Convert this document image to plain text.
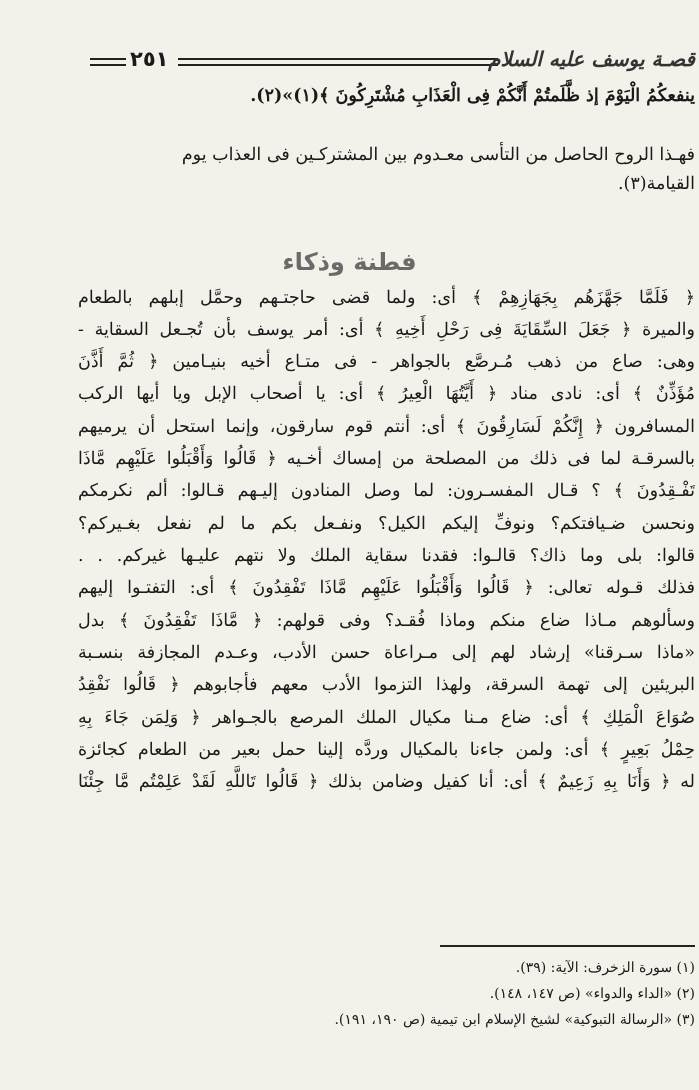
٢٥١	قصـة يوسف عليه السلام
ينفعكُمُ الْيَوْمَ إذ ظَّلَمتُمْ أَنَّكُمْ فِى الْعَذَابِ مُشْتَرِكُونَ ﴾(١)»(٢).
فهـذا الروح الحاصل من التأسى معـدوم بين المشتركـين فى العذاب يوم
القيامة(٣).
فطنة وذكاء
﴿ فَلَمَّا جَهَّزَهُم بِجَهَازِهِمْ ﴾ أى: ولما قضى حاجتـهم وحمَّل إبلهم بالطعام
والميرة ﴿ جَعَلَ السِّقَايَةَ فِى رَحْلِ أَخِيهِ ﴾ أى: أمر يوسف بأن تُجـعل السقاية -
وهى: صاع من ذهب مُـرصَّع بالجواهر - فى متـاع أخيه بنيـامين ﴿ ثُمَّ أَذَّنَ
مُؤَذِّنٌ ﴾ أى: نادى مناد ﴿ أَيَّتُهَا الْعِيرُ ﴾ أى: يا أصحاب الإبل ويا أيها الركب
المسافرون ﴿ إِنَّكُمْ لَسَارِقُونَ ﴾ أى: أنتم قوم سارقون، وإنما استحل أن يرميهم
بالسرقـة لما فى ذلك من المصلحة من إمساك أخـيه ﴿ قَالُوا وَأَقْبَلُوا عَلَيْهِم مَّاذَا
تَفْـقِدُونَ ﴾ ؟ قـال المفسـرون: لما وصل المنادون إليـهم قـالوا: ألم نكرمكم
ونحسن ضـيافتكم؟ ونوفِّ إليكم الكيل؟ ونفـعل بكم ما لم نفعل بغـيركم؟
قالوا: بلى وما ذاك؟ قالـوا: فقدنا سقاية الملك ولا نتهم عليـها غيركم. . .
فذلك قـوله تعالى: ﴿ قَالُوا وَأَقْبَلُوا عَلَيْهِم مَّاذَا تَفْقِدُونَ ﴾ أى: التفتـوا إليهم
وسألوهم مـاذا ضاع منكم وماذا فُقـد؟ وفى قولهم: ﴿ مَّاذَا تَفْقِدُونَ ﴾ بدل
«ماذا سـرقنا» إرشاد لهم إلى مـراعاة حسن الأدب، وعـدم المجازفة بنسـبة
البريئين إلى تهمة السرقة، ولهذا التزموا الأدب معهم فأجابوهم ﴿ قَالُوا نَفْقِدُ
صُوَاعَ الْمَلِكِ ﴾ أى: ضاع مـنا مكيال الملك المرصع بالجـواهر ﴿ وَلِمَن جَاءَ بِهِ
حِمْلُ بَعِيرٍ ﴾ أى: ولمن جاءنا بالمكيال وردَّه إلينا حمل بعير من الطعام كجائزة
له ﴿ وَأَنَا بِهِ زَعِيمٌ ﴾ أى: أنا كفيل وضامن بذلك ﴿ قَالُوا تَاللَّهِ لَقَدْ عَلِمْتُم مَّا جِئْنَا
(١) سورة الزخرف: الآية: (٣٩).
(٢) «الداء والدواء» (ص ١٤٧، ١٤٨).
(٣) «الرسالة التبوكية» لشيخ الإسلام ابن تيمية (ص ١٩٠، ١٩١).
